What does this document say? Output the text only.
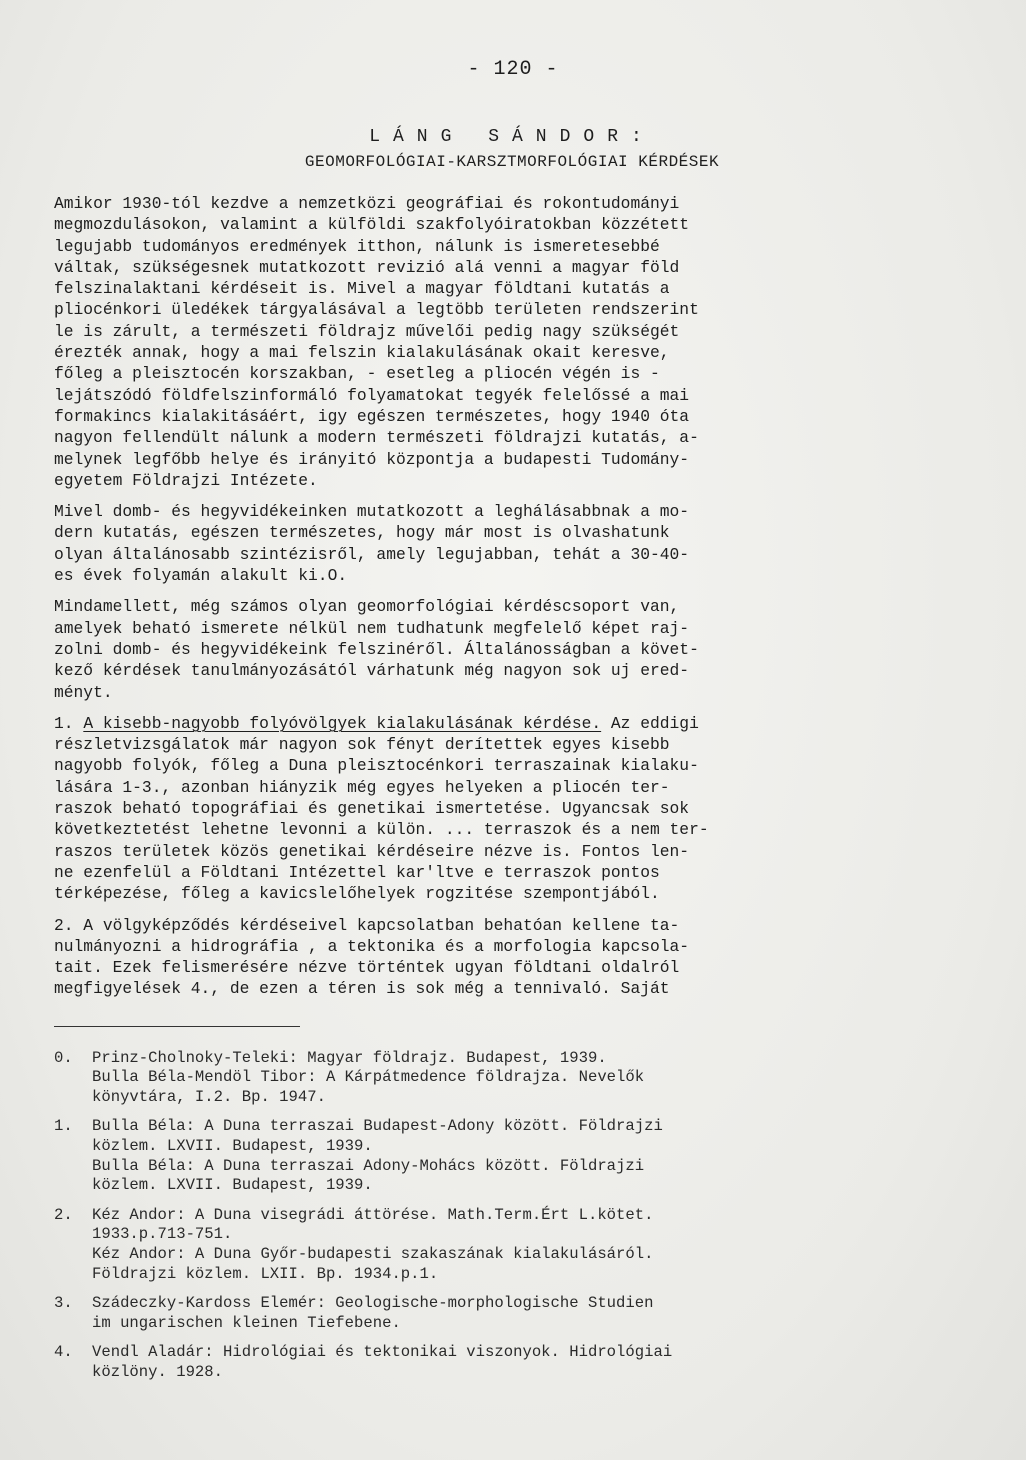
- 120 -
LÁNG SÁNDOR:
GEOMORFOLÓGIAI-KARSZTMORFOLÓGIAI KÉRDÉSEK
Amikor 1930-tól kezdve a nemzetközi geográfiai és rokontudományi
megmozdulásokon, valamint a külföldi szakfolyóiratokban közzétett
legujabb tudományos eredmények itthon, nálunk is ismeretesebbé
váltak, szükségesnek mutatkozott revizió alá venni a magyar föld
felszinalaktani kérdéseit is. Mivel a magyar földtani kutatás a
pliocénkori üledékek tárgyalásával a legtöbb területen rendszerint
le is zárult, a természeti földrajz művelői pedig nagy szükségét
érezték annak, hogy a mai felszin kialakulásának okait keresve,
főleg a pleisztocén korszakban, - esetleg a pliocén végén is -
lejátszódó földfelszinformáló folyamatokat tegyék felelőssé a mai
formakincs kialakitásáért, igy egészen természetes, hogy 1940 óta
nagyon fellendült nálunk a modern természeti földrajzi kutatás, a-
melynek legfőbb helye és irányitó központja a budapesti Tudomány-
egyetem Földrajzi Intézete.
Mivel domb- és hegyvidékeinken mutatkozott a leghálásabbnak a mo-
dern kutatás, egészen természetes, hogy már most is olvashatunk
olyan általánosabb szintézisről, amely legujabban, tehát a 30-40-
es évek folyamán alakult ki.O.
Mindamellett, még számos olyan geomorfológiai kérdéscsoport van,
amelyek beható ismerete nélkül nem tudhatunk megfelelő képet raj-
zolni domb- és hegyvidékeink felszinéről. Általánosságban a követ-
kező kérdések tanulmányozásától várhatunk még nagyon sok uj ered-
ményt.
1. A kisebb-nagyobb folyóvölgyek kialakulásának kérdése. Az eddigi
részletvizsgálatok már nagyon sok fényt derítettek egyes kisebb
nagyobb folyók, főleg a Duna pleisztocénkori terraszainak kialaku-
lására 1-3., azonban hiányzik még egyes helyeken a pliocén ter-
raszok beható topográfiai és genetikai ismertetése. Ugyancsak sok
következtetést lehetne levonni a külön. ... terraszok és a nem ter-
raszos területek közös genetikai kérdéseire nézve is. Fontos len-
ne ezenfelül a Földtani Intézettel kar'ltve e terraszok pontos
térképezése, főleg a kavicslelőhelyek rogzitése szempontjából.
2. A völgyképződés kérdéseivel kapcsolatban behatóan kellene ta-
nulmányozni a hidrográfia , a tektonika és a morfologia kapcsola-
tait. Ezek felismerésére nézve történtek ugyan földtani oldalról
megfigyelések 4., de ezen a téren is sok még a tennivaló. Saját
0.	Prinz-Cholnoky-Teleki: Magyar földrajz. Budapest, 1939.
Bulla Béla-Mendöl Tibor: A Kárpátmedence földrajza. Nevelők
könyvtára, I.2. Bp. 1947.
1.	Bulla Béla: A Duna terraszai Budapest-Adony között. Földrajzi
közlem. LXVII. Budapest, 1939.
Bulla Béla: A Duna terraszai Adony-Mohács között. Földrajzi
közlem. LXVII. Budapest, 1939.
2.	Kéz Andor: A Duna visegrádi áttörése. Math.Term.Ért L.kötet.
1933.p.713-751.
Kéz Andor: A Duna Győr-budapesti szakaszának kialakulásáról.
Földrajzi közlem. LXII. Bp. 1934.p.1.
3.	Szádeczky-Kardoss Elemér: Geologische-morphologische Studien
im ungarischen kleinen Tiefebene.
4.	Vendl Aladár: Hidrológiai és tektonikai viszonyok. Hidrológiai
közlöny. 1928.
